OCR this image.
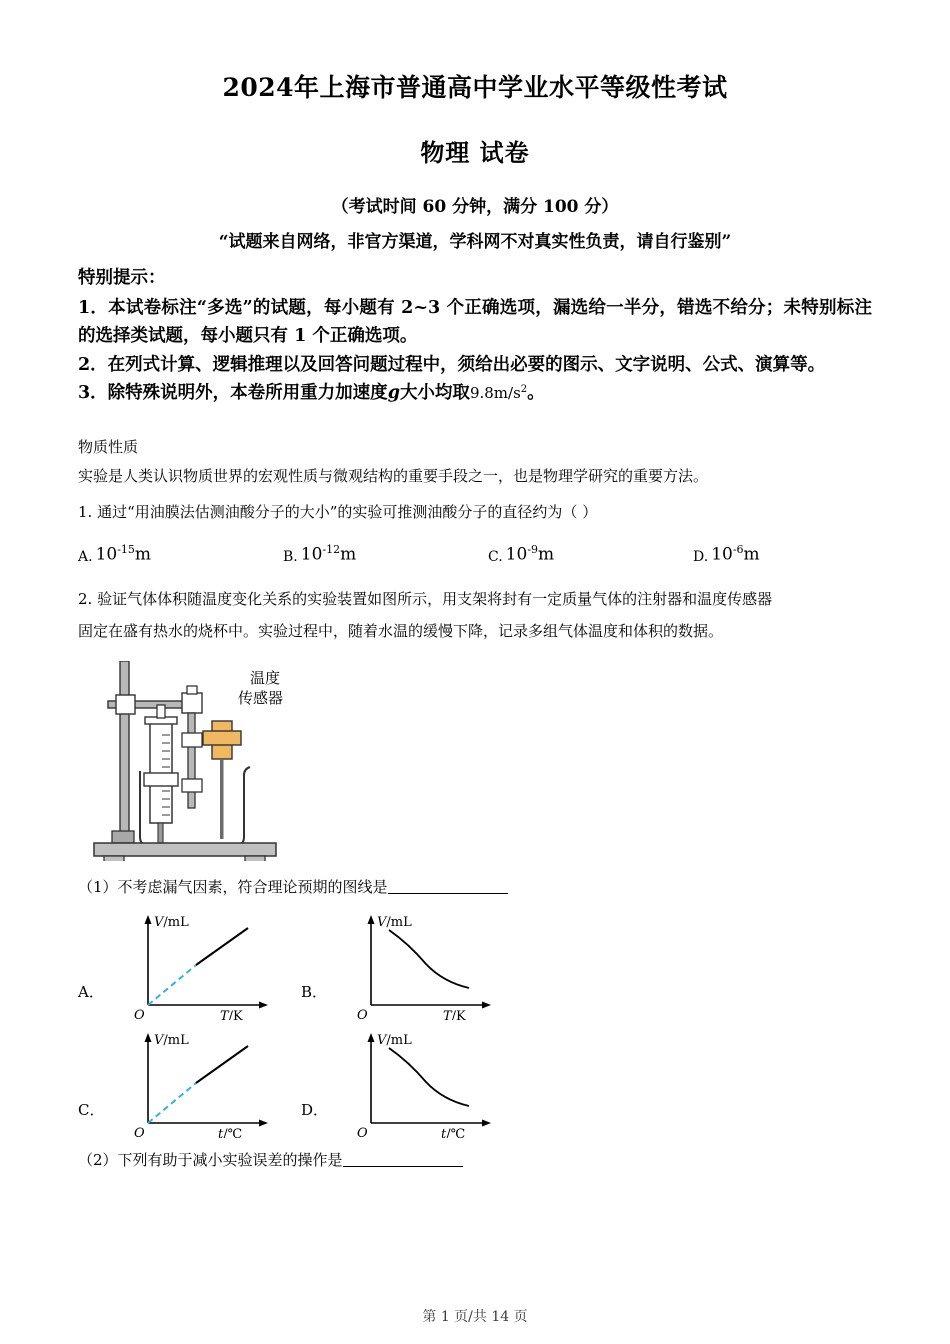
2024年上海市普通高中学业水平等级性考试
物理 试卷

（考试时间 60 分钟，满分 100 分）

“试题来自网络，非官方渠道，学科网不对真实性负责，请自行鉴别”

特别提示：

1．本试卷标注“多选”的试题，每小题有 2~3 个正确选项，漏选给一半分，错选不给分；未特别标注的选择类试题，每小题只有 1 个正确选项。

2．在列式计算、逻辑推理以及回答问题过程中，须给出必要的图示、文字说明、公式、演算等。

3．除特殊说明外，本卷所用重力加速度g大小均取$9.8m/s^2$。

物质性质

实验是人类认识物质世界的宏观性质与微观结构的重要手段之一，也是物理学研究的重要方法。

1. 通过“用油膜法估测油酸分子的大小”的实验可推测油酸分子的直径约为（ ）

A. $10^{-15}m$	B. $10^{-12}m$	C. $10^{-9}m$	D. $10^{-6}m$

2. 验证气体体积随温度变化关系的实验装置如图所示，用支架将封有一定质量气体的注射器和温度传感器

固定在盛有热水的烧杯中。实验过程中，随着水温的缓慢下降，记录多组气体温度和体积的数据。

温度
传感器

（1）不考虑漏气因素，符合理论预期的图线是

A．
V/mL
T/K
O
B．
V/mL
T/K
O
C．
V/mL
t/℃
O
D．
V/mL
t/℃
O

（2）下列有助于减小实验误差的操作是

第 1 页/共 14 页
